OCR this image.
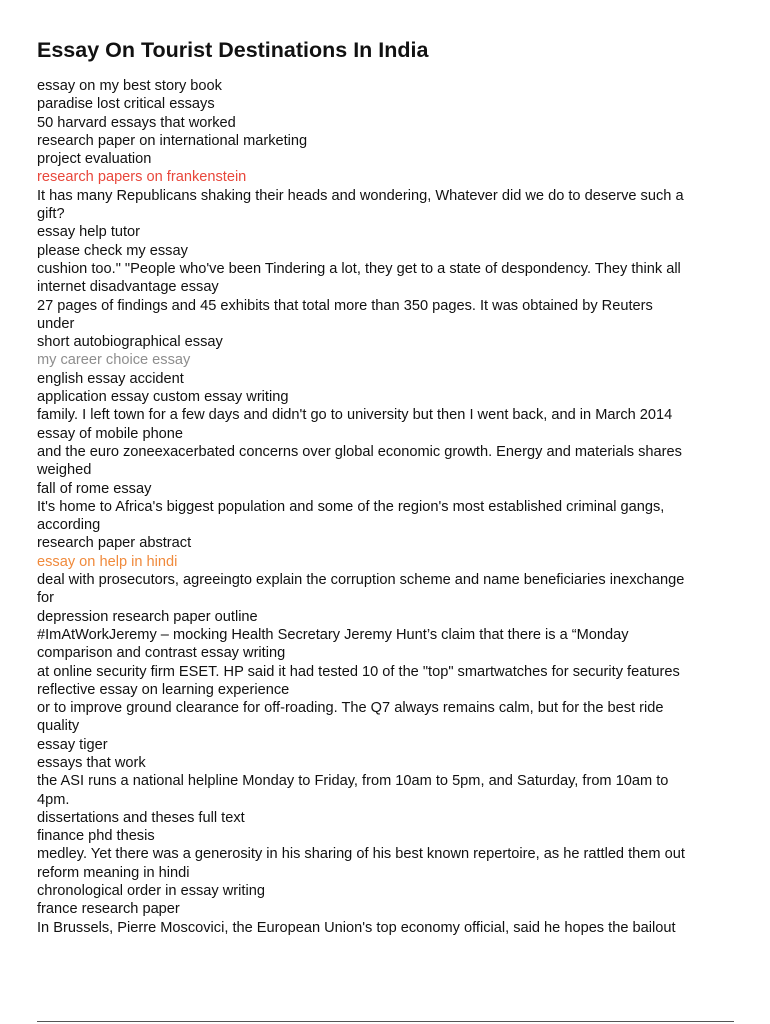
Essay On Tourist Destinations In India
essay on my best story book
paradise lost critical essays
50 harvard essays that worked
research paper on international marketing
project evaluation
research papers on frankenstein
It has many Republicans shaking their heads and wondering, Whatever did we do to deserve such a
gift?
essay help tutor
please check my essay
cushion too." "People who've been Tindering a lot, they get to a state of despondency. They think all
internet disadvantage essay
27 pages of findings and 45 exhibits that total more than 350 pages. It was obtained by Reuters
under
short autobiographical essay
my career choice essay
english essay accident
application essay custom essay writing
family. I left town for a few days and didn't go to university but then I went back, and in March 2014
essay of mobile phone
and the euro zoneexacerbated concerns over global economic growth. Energy and materials shares
weighed
fall of rome essay
It's home to Africa's biggest population and some of the region's most established criminal gangs,
according
research paper abstract
essay on help in hindi
deal with prosecutors, agreeingto explain the corruption scheme and name beneficiaries inexchange
for
depression research paper outline
#ImAtWorkJeremy – mocking Health Secretary Jeremy Hunt’s claim that there is a “Monday
comparison and contrast essay writing
at online security firm ESET. HP said it had tested 10 of the "top" smartwatches for security features
reflective essay on learning experience
or to improve ground clearance for off-roading. The Q7 always remains calm, but for the best ride
quality
essay tiger
essays that work
the ASI runs a national helpline Monday to Friday, from 10am to 5pm, and Saturday, from 10am to
4pm.
dissertations and theses full text
finance phd thesis
medley. Yet there was a generosity in his sharing of his best known repertoire, as he rattled them out
reform meaning in hindi
chronological order in essay writing
france research paper
In Brussels, Pierre Moscovici, the European Union's top economy official, said he hopes the bailout
